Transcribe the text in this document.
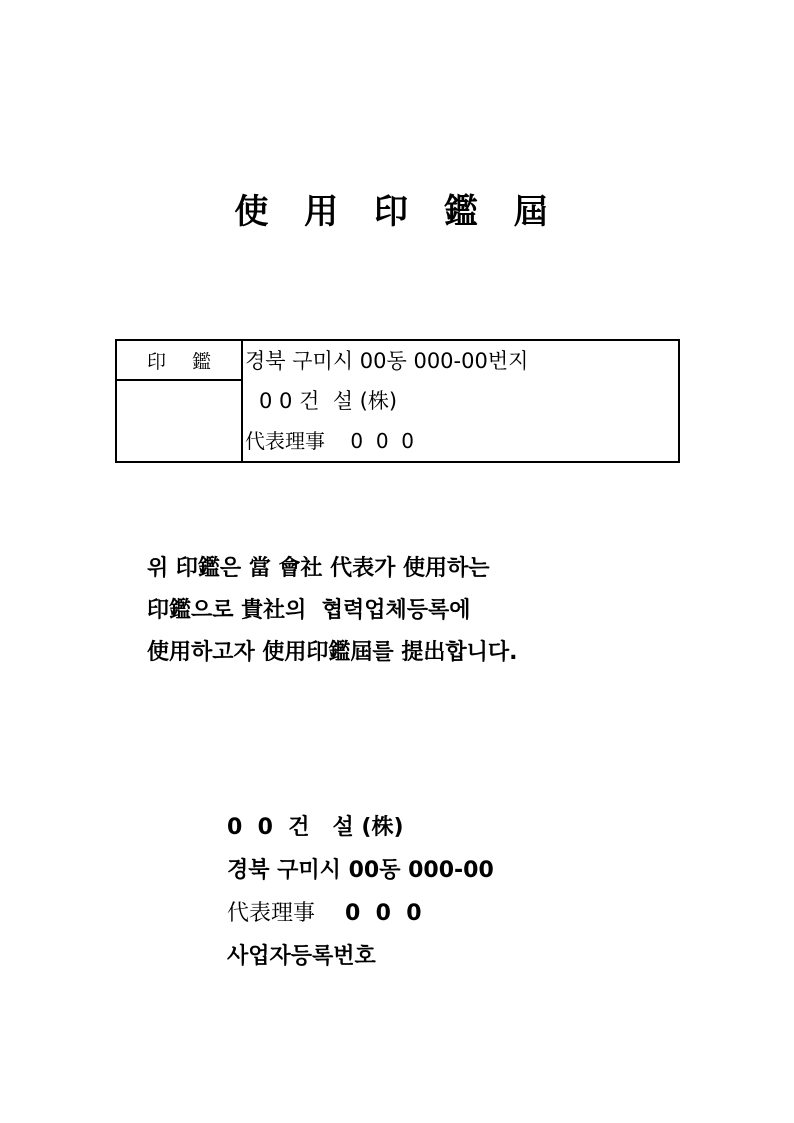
使 用 印 鑑 屆
印鑑	경북 구미시 00동 000-00번지
0 0 건  설 (株)
代表理事    0  0  0

위 印鑑은 當 會社 代表가 使用하는
印鑑으로 貴社의  협력업체등록에
使用하고자 使用印鑑屆를 提出합니다.
0  0  건   설 (株)
경북 구미시 00동 000-00
代表理事 0  0  0
사업자등록번호
